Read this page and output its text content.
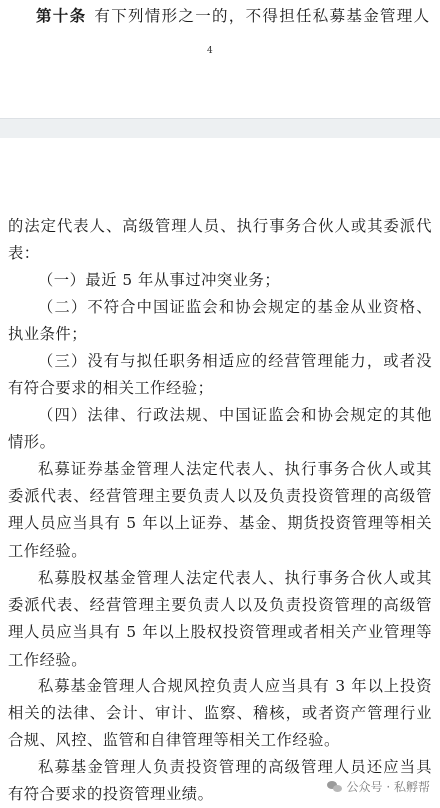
第十条 有下列情形之一的，不得担任私募基金管理人
4

的法定代表人、高级管理人员、执行事务合伙人或其委派代表：

（一）最近 5 年从事过冲突业务；

（二）不符合中国证监会和协会规定的基金从业资格、执业条件；

（三）没有与拟任职务相适应的经营管理能力，或者没有符合要求的相关工作经验；

（四）法律、行政法规、中国证监会和协会规定的其他情形。

私募证券基金管理人法定代表人、执行事务合伙人或其委派代表、经营管理主要负责人以及负责投资管理的高级管理人员应当具有 5 年以上证券、基金、期货投资管理等相关工作经验。

私募股权基金管理人法定代表人、执行事务合伙人或其委派代表、经营管理主要负责人以及负责投资管理的高级管理人员应当具有 5 年以上股权投资管理或者相关产业管理等工作经验。

私募基金管理人合规风控负责人应当具有 3 年以上投资相关的法律、会计、审计、监察、稽核，或者资产管理行业合规、风控、监管和自律管理等相关工作经验。

私募基金管理人负责投资管理的高级管理人员还应当具有符合要求的投资管理业绩。	公众号 · 私孵帮
